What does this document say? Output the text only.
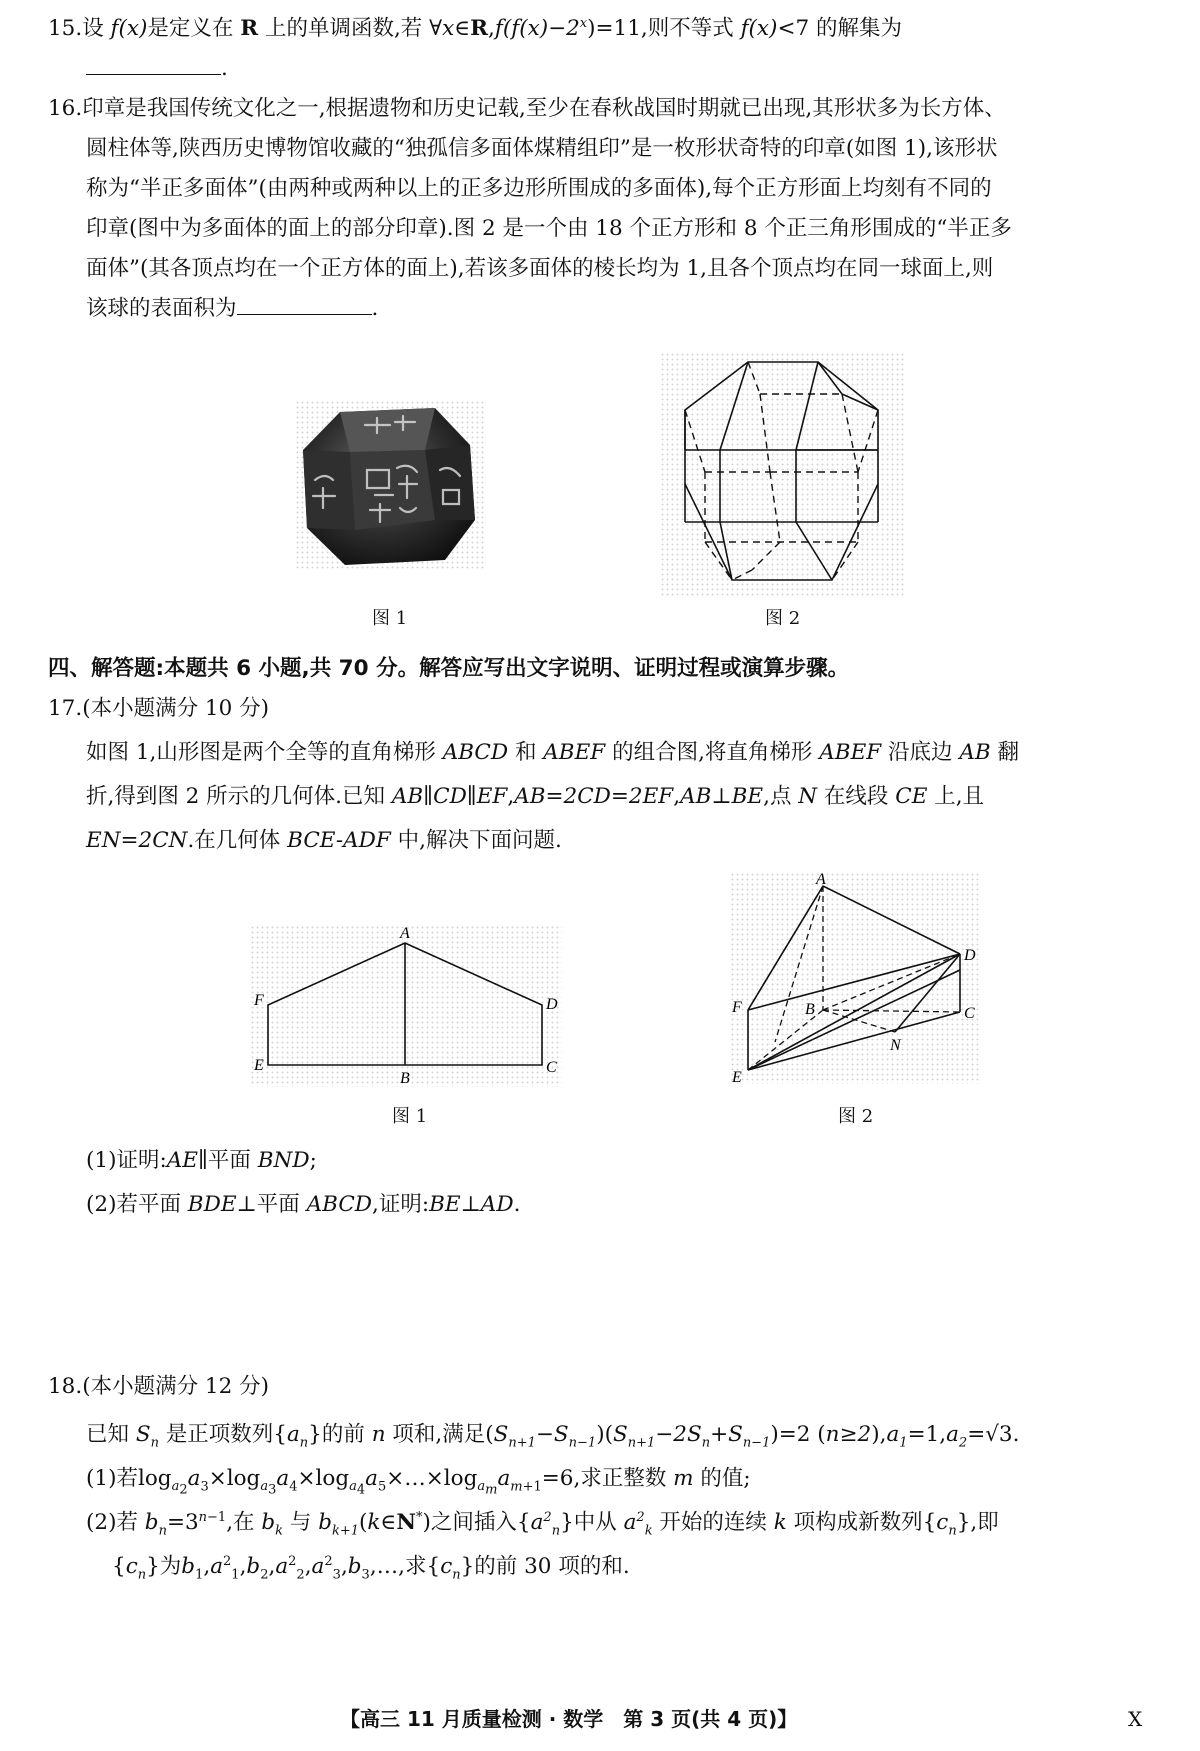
15.设 f(x)是定义在 R 上的单调函数,若 $\forall x\in R,f(f(x)-2^x)=11$,则不等式 f(x)<7 的解集为
.
16.印章是我国传统文化之一,根据遗物和历史记载,至少在春秋战国时期就已出现,其形状多为长方体、
圆柱体等,陕西历史博物馆收藏的“独孤信多面体煤精组印”是一枚形状奇特的印章(如图 1),该形状
称为“半正多面体”(由两种或两种以上的正多边形所围成的多面体),每个正方形面上均刻有不同的
印章(图中为多面体的面上的部分印章).图 2 是一个由 18 个正方形和 8 个正三角形围成的“半正多
面体”(其各顶点均在一个正方体的面上),若该多面体的棱长均为 1,且各个顶点均在同一球面上,则
该球的表面积为	.
图 1	图 2
四、解答题:本题共 6 小题,共 70 分。解答应写出文字说明、证明过程或演算步骤。
17.(本小题满分 10 分)
如图 1,山形图是两个全等的直角梯形 ABCD 和 ABEF 的组合图,将直角梯形 ABEF 沿底边 AB 翻
折,得到图 2 所示的几何体.已知 AB∥CD∥EF,AB=2CD=2EF,AB⊥BE,点 N 在线段 CE 上,且
EN=2CN.在几何体 BCE-ADF 中,解决下面问题.
A
B
C
D
E
F
图 1
A
B	C
D
E
F
N
图 2
(1)证明:AE∥平面 BND;
(2)若平面 BDE⊥平面 ABCD,证明:BE⊥AD.
18.(本小题满分 12 分)
已知 $S_n$ 是正项数列$\{a_n\}$的前 n 项和,满足$(S_{n+1}-S_{n-1})(S_{n+1}-2S_n+S_{n-1})=2$ $(n\ge 2),a_1=1,a_2=√3$.
(1)若$\log_{a_2}a_3\times\log_{a_3}a_4\times\log_{a_4}a_5\times\dots\times\log_{a_m}a_{m+1}=6$,求正整数 m 的值;
(2)若 $b_n=3^{n-1}$,在 $b_k$ 与 $b_{k+1}(k\in N^*)$之间插入$\{a^2_n\}$中从 $a^2_k$ 开始的连续 k 项构成新数列$\{c_n\}$,即
$\{c_n\}$为$b_1,a^2_1,b_2,a^2_2,a^2_3,b_3,\dots$,求$\{c_n\}$的前 30 项的和.
【高三 11 月质量检测 · 数学　第 3 页(共 4 页)】	X
